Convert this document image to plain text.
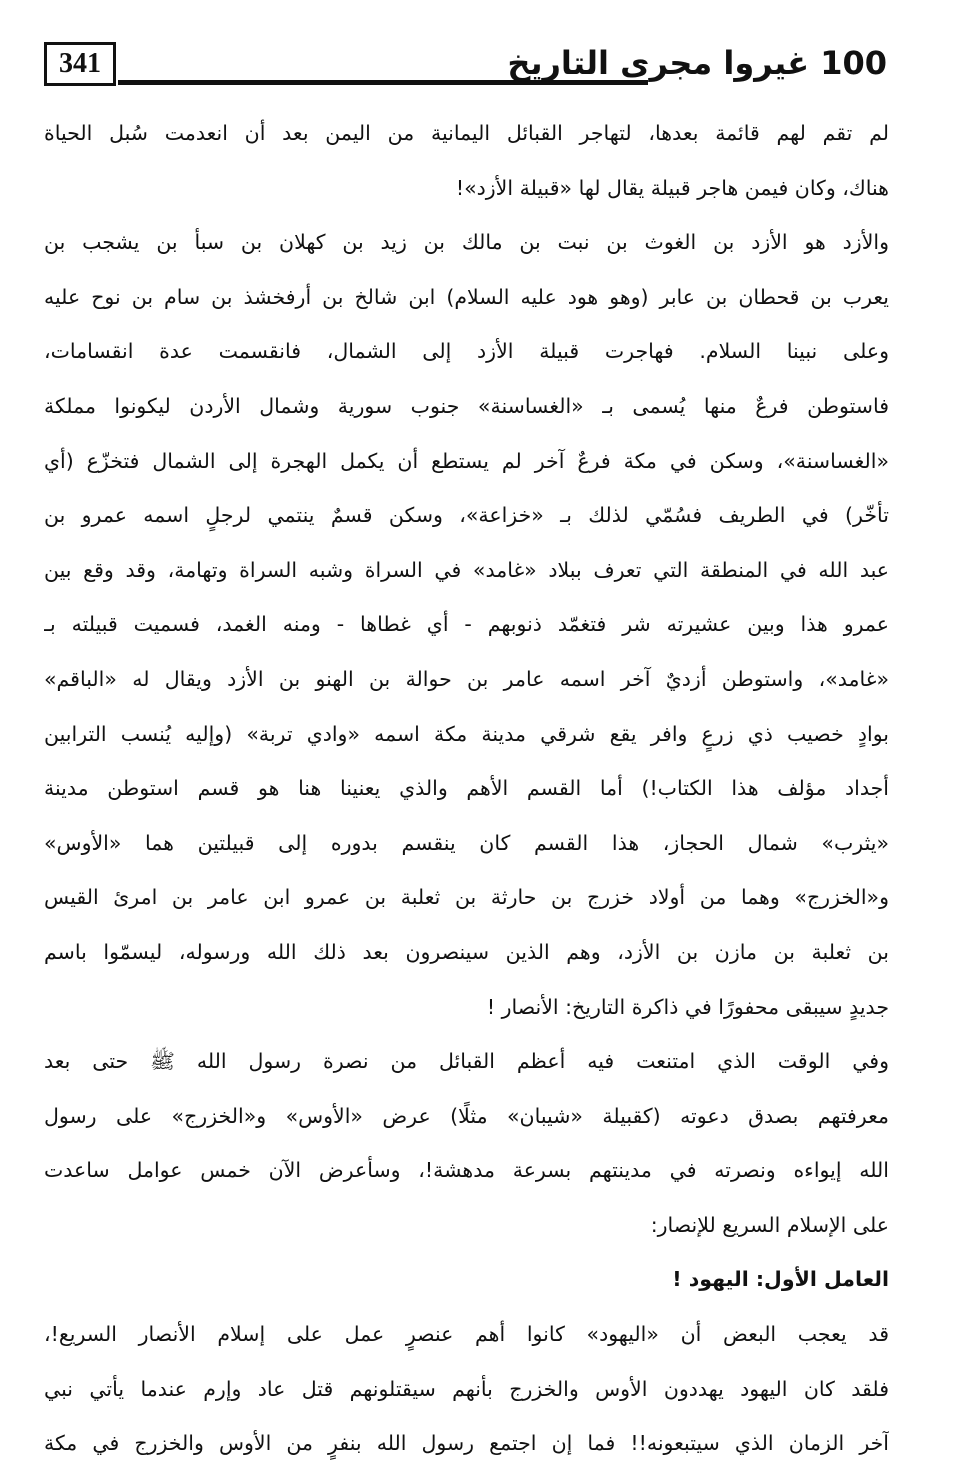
341	100 غيروا مجرى التاريخ
لم تقم لهم قائمة بعدها، لتهاجر القبائل اليمانية من اليمن بعد أن انعدمت سُبل الحياة
هناك، وكان فيمن هاجر قبيلة يقال لها «قبيلة الأزد»!
والأزد هو الأزد بن الغوث بن نبت بن مالك بن زيد بن كهلان بن سبأ بن يشجب بن
يعرب بن قحطان بن عابر (وهو هود عليه السلام) ابن شالخ بن أرفخشذ بن سام بن نوح عليه
وعلى نبينا السلام. فهاجرت قبيلة الأزد إلى الشمال، فانقسمت عدة انقسامات،
فاستوطن فرعٌ منها يُسمى بـ «الغساسنة» جنوب سورية وشمال الأردن ليكونوا مملكة
«الغساسنة»، وسكن في مكة فرعٌ آخر لم يستطع أن يكمل الهجرة إلى الشمال فتخزّع (أي
تأخّر) في الطريف فسُمّي لذلك بـ «خزاعة»، وسكن قسمٌ ينتمي لرجلٍ اسمه عمرو بن
عبد الله في المنطقة التي تعرف ببلاد «غامد» في السراة وشبه السراة وتهامة، وقد وقع بين
عمرو هذا وبين عشيرته شر فتغمّد ذنوبهم - أي غطاها - ومنه الغمد، فسميت قبيلته بـ
«غامد»، واستوطن أزديٌ آخر اسمه عامر بن حوالة بن الهنو بن الأزد ويقال له «الباقم»
بوادٍ خصيب ذي زرعٍ وافر يقع شرقي مدينة مكة اسمه «وادي تربة» (وإليه يُنسب الترابين
أجداد مؤلف هذا الكتاب!) أما القسم الأهم والذي يعنينا هنا هو قسم استوطن مدينة
«يثرب» شمال الحجاز، هذا القسم كان ينقسم بدوره إلى قبيلتين هما «الأوس»
و«الخزرج» وهما من أولاد خزرج بن حارثة بن ثعلبة بن عمرو ابن عامر بن امرئ القيس
بن ثعلبة بن مازن بن الأزد، وهم الذين سينصرون بعد ذلك الله ورسوله، ليسمّوا باسم
جديدٍ سيبقى محفورًا في ذاكرة التاريخ: الأنصار !
وفي الوقت الذي امتنعت فيه أعظم القبائل من نصرة رسول الله ﷺ حتى بعد
معرفتهم بصدق دعوته (كقبيلة «شيبان» مثلًا) عرض «الأوس» و«الخزرج» على رسول
الله إيواءه ونصرته في مدينتهم بسرعة مدهشة!، وسأعرض الآن خمس عوامل ساعدت
على الإسلام السريع للإنصار:
العامل الأول: اليهود !
قد يعجب البعض أن «اليهود» كانوا أهم عنصرٍ عمل على إسلام الأنصار السريع!،
فلقد كان اليهود يهددون الأوس والخزرج بأنهم سيقتلونهم قتل عاد وإرم عندما يأتي نبي
آخر الزمان الذي سيتبعونه!! فما إن اجتمع رسول الله بنفرٍ من الأوس والخزرج في مكة
